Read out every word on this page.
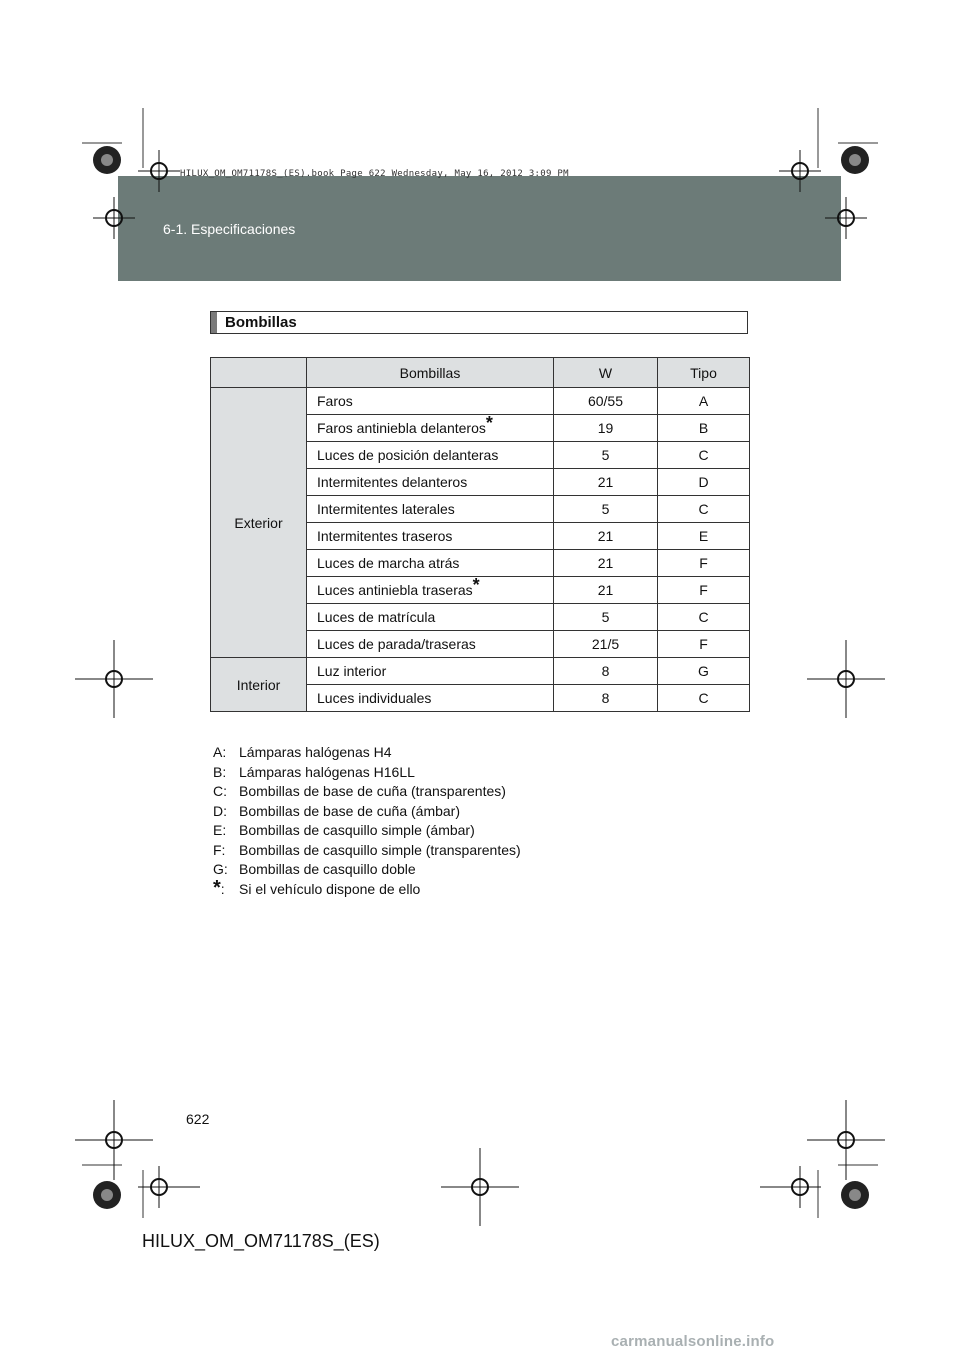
HILUX_OM_OM71178S_(ES).book Page 622 Wednesday, May 16, 2012 3:09 PM
6-1. Especificaciones
Bombillas
	Bombillas	W	Tipo
Exterior	Faros	60/55	A
	Faros antiniebla delanteros*	19	B
	Luces de posición delanteras	5	C
	Intermitentes delanteros	21	D
	Intermitentes laterales	5	C
	Intermitentes traseros	21	E
	Luces de marcha atrás	21	F
	Luces antiniebla traseras*	21	F
	Luces de matrícula	5	C
	Luces de parada/traseras	21/5	F
Interior	Luz interior	8	G
	Luces individuales	8	C
A: Lámparas halógenas H4
B: Lámparas halógenas H16LL
C: Bombillas de base de cuña (transparentes)
D: Bombillas de base de cuña (ámbar)
E: Bombillas de casquillo simple (ámbar)
F: Bombillas de casquillo simple (transparentes)
G: Bombillas de casquillo doble
*:	Si el vehículo dispone de ello
622
HILUX_OM_OM71178S_(ES)
carmanualsonline.info
